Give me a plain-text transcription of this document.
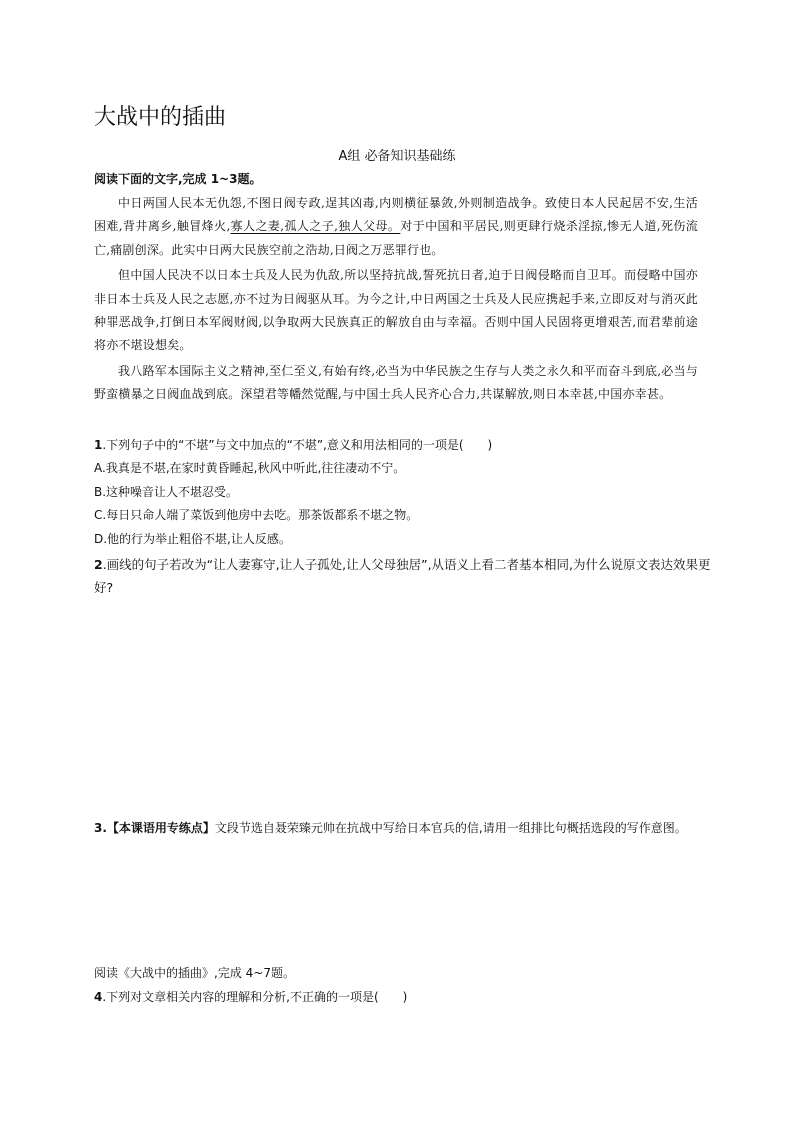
大战中的插曲
A组 必备知识基础练
阅读下面的文字,完成 1~3题。

中日两国人民本无仇怨,不图日阀专政,逞其凶毒,内则横征暴敛,外则制造战争。致使日本人民起居不安,生活困难,背井离乡,触冒烽火,寡人之妻,孤人之子,独人父母。对于中国和平居民,则更肆行烧杀淫掠,惨无人道,死伤流亡,痛剧创深。此实中日两大民族空前之浩劫,日阀之万恶罪行也。

但中国人民决不以日本士兵及人民为仇敌,所以坚持抗战,誓死抗日者,迫于日阀侵略而自卫耳。而侵略中国亦非日本士兵及人民之志愿,亦不过为日阀驱从耳。为今之计,中日两国之士兵及人民应携起手来,立即反对与消灭此种罪恶战争,打倒日本军阀财阀,以争取两大民族真正的解放自由与幸福。否则中国人民固将更增艰苦,而君辈前途将亦不堪设想矣。

我八路军本国际主义之精神,至仁至义,有始有终,必当为中华民族之生存与人类之永久和平而奋斗到底,必当与野蛮横暴之日阀血战到底。深望君等幡然觉醒,与中国士兵人民齐心合力,共谋解放,则日本幸甚,中国亦幸甚。

1.下列句子中的“不堪”与文中加点的“不堪”,意义和用法相同的一项是(　　)

A.我真是不堪,在家时黄昏睡起,秋风中听此,往往凄动不宁。

B.这种噪音让人不堪忍受。

C.每日只命人端了菜饭到他房中去吃。那茶饭都系不堪之物。

D.他的行为举止粗俗不堪,让人反感。

2.画线的句子若改为“让人妻寡守,让人子孤处,让人父母独居”,从语义上看二者基本相同,为什么说原文表达效果更好?

3.【本课语用专练点】文段节选自聂荣臻元帅在抗战中写给日本官兵的信,请用一组排比句概括选段的写作意图。

阅读《大战中的插曲》,完成 4~7题。

4.下列对文章相关内容的理解和分析,不正确的一项是(　　)
